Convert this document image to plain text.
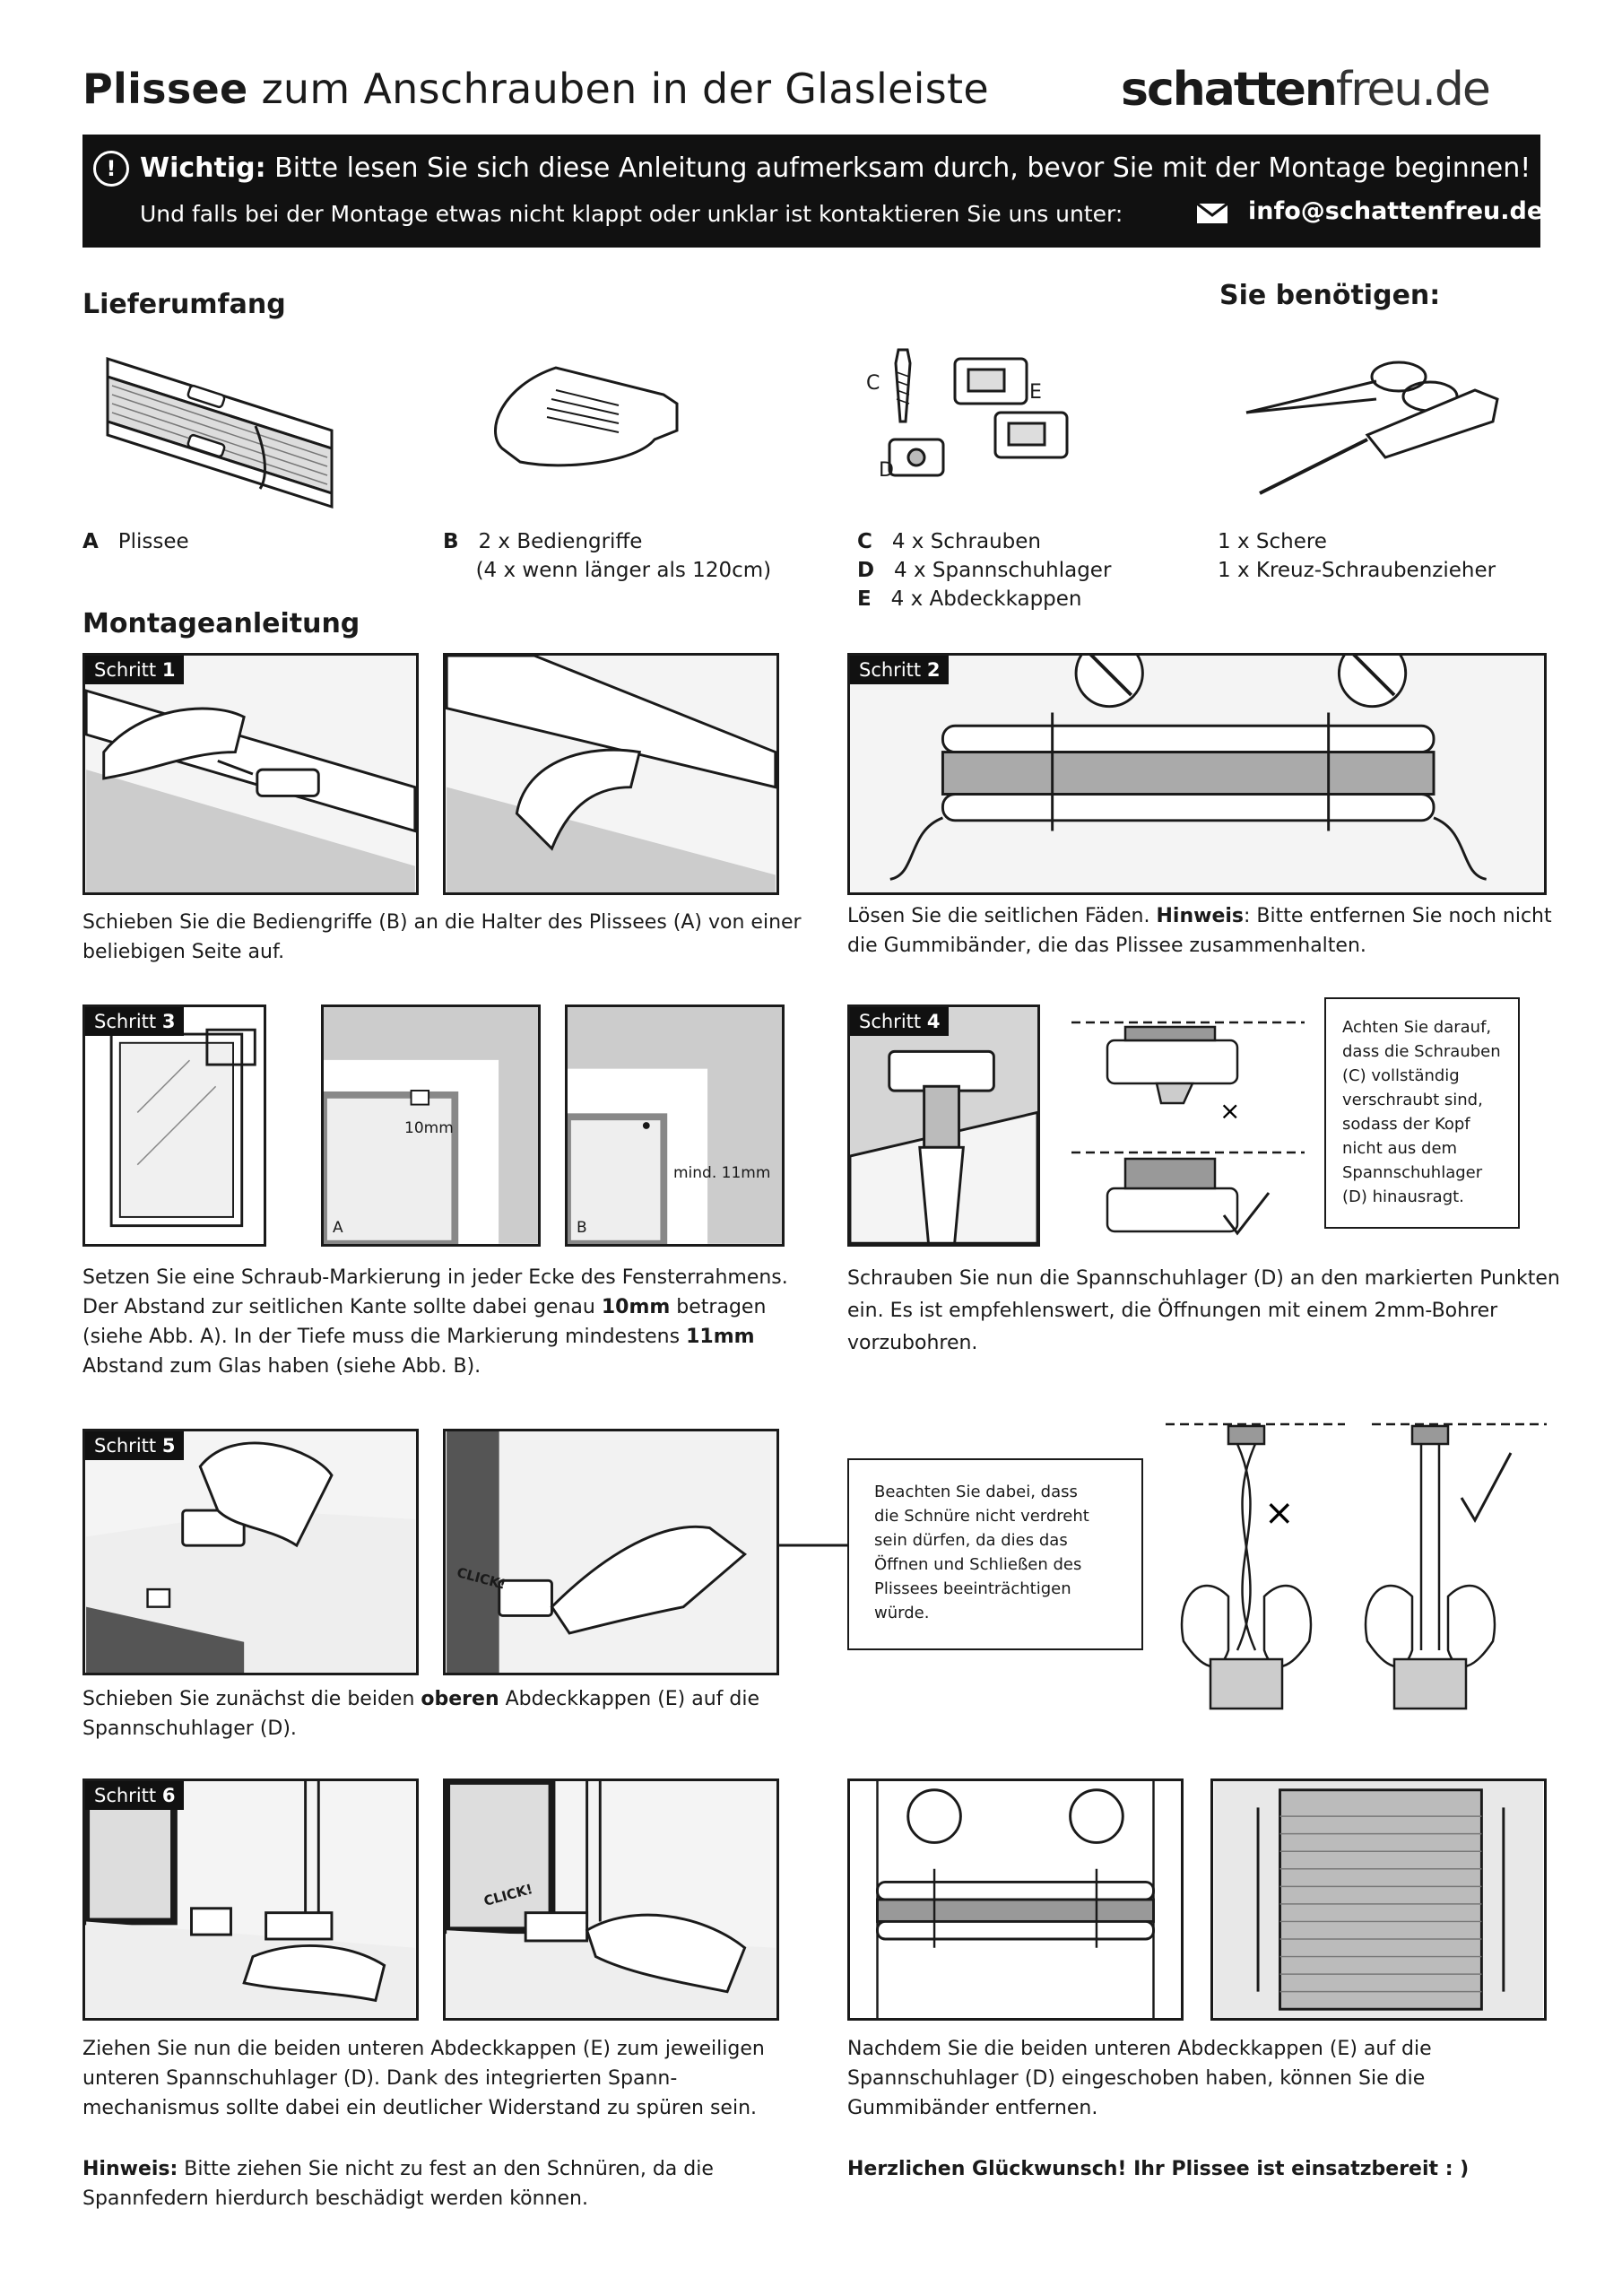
Plissee zum Anschrauben in der Glasleiste	schattenfreu.de
! Wichtig: Bitte lesen Sie sich diese Anleitung aufmerksam durch, bevor Sie mit der Montage beginnen!
Und falls bei der Montage etwas nicht klappt oder unklar ist kontaktieren Sie uns unter:	info@schattenfreu.de
Lieferumfang	Sie benötigen:
C
D
E
A Plissee	B 2 x Bediengriffe
(4 x wenn länger als 120cm)
C 4 x Schrauben
D 4 x Spannschuhlager
E 4 x Abdeckkappen
1 x Schere
1 x Kreuz-Schraubenzieher
Montageanleitung
Schritt 1
Schieben Sie die Bediengriffe (B) an die Halter des Plissees (A) von einer
beliebigen Seite auf.
Schritt 2
Lösen Sie die seitlichen Fäden. Hinweis: Bitte entfernen Sie noch nicht
die Gummibänder, die das Plissee zusammenhalten.
Schritt 3
10mm
A
mind. 11mm
B
Setzen Sie eine Schraub-Markierung in jeder Ecke des Fensterrahmens.
Der Abstand zur seitlichen Kante sollte dabei genau 10mm betragen
(siehe Abb. A). In der Tiefe muss die Markierung mindestens 11mm
Abstand zum Glas haben (siehe Abb. B).
Schritt 4
×
Achten Sie darauf,
dass die Schrauben
(C) vollständig
verschraubt sind,
sodass der Kopf
nicht aus dem
Spannschuhlager
(D) hinausragt.
Schrauben Sie nun die Spannschuhlager (D) an den markierten Punkten
ein. Es ist empfehlenswert, die Öffnungen mit einem 2mm-Bohrer
vorzubohren.
Schritt 5
CLICK!
Beachten Sie dabei, dass
die Schnüre nicht verdreht
sein dürfen, da dies das
Öffnen und Schließen des
Plissees beeinträchtigen
würde.
×
Schieben Sie zunächst die beiden oberen Abdeckkappen (E) auf die
Spannschuhlager (D).
Schritt 6
CLICK!
Ziehen Sie nun die beiden unteren Abdeckkappen (E) zum jeweiligen
unteren Spannschuhlager (D). Dank des integrierten Spann-
mechanismus sollte dabei ein deutlicher Widerstand zu spüren sein.
Hinweis: Bitte ziehen Sie nicht zu fest an den Schnüren, da die
Spannfedern hierdurch beschädigt werden können.
Nachdem Sie die beiden unteren Abdeckkappen (E) auf die
Spannschuhlager (D) eingeschoben haben, können Sie die
Gummibänder entfernen.
Herzlichen Glückwunsch! Ihr Plissee ist einsatzbereit : )
